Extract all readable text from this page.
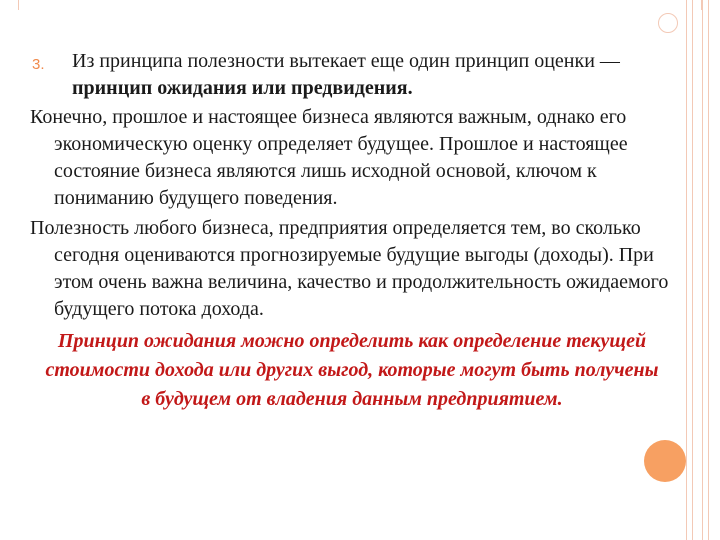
3.	Из принципа полезности вытекает еще один принцип оценки — принцип ожидания или предвидения.
Конечно, прошлое и настоящее бизнеса являются важным, однако его экономическую оценку определяет будущее. Прошлое и настоящее состояние бизнеса являются лишь исходной основой, ключом к пониманию будущего поведения.
Полезность любого бизнеса, предприятия определяется тем, во сколько сегодня оцениваются прогнозируемые будущие выгоды (доходы). При этом очень важна величина, качество и продолжительность ожидаемого будущего потока дохода.
Принцип ожидания можно определить как определение текущей стоимости дохода или других выгод, которые могут быть получены в будущем от владения данным предприятием.
